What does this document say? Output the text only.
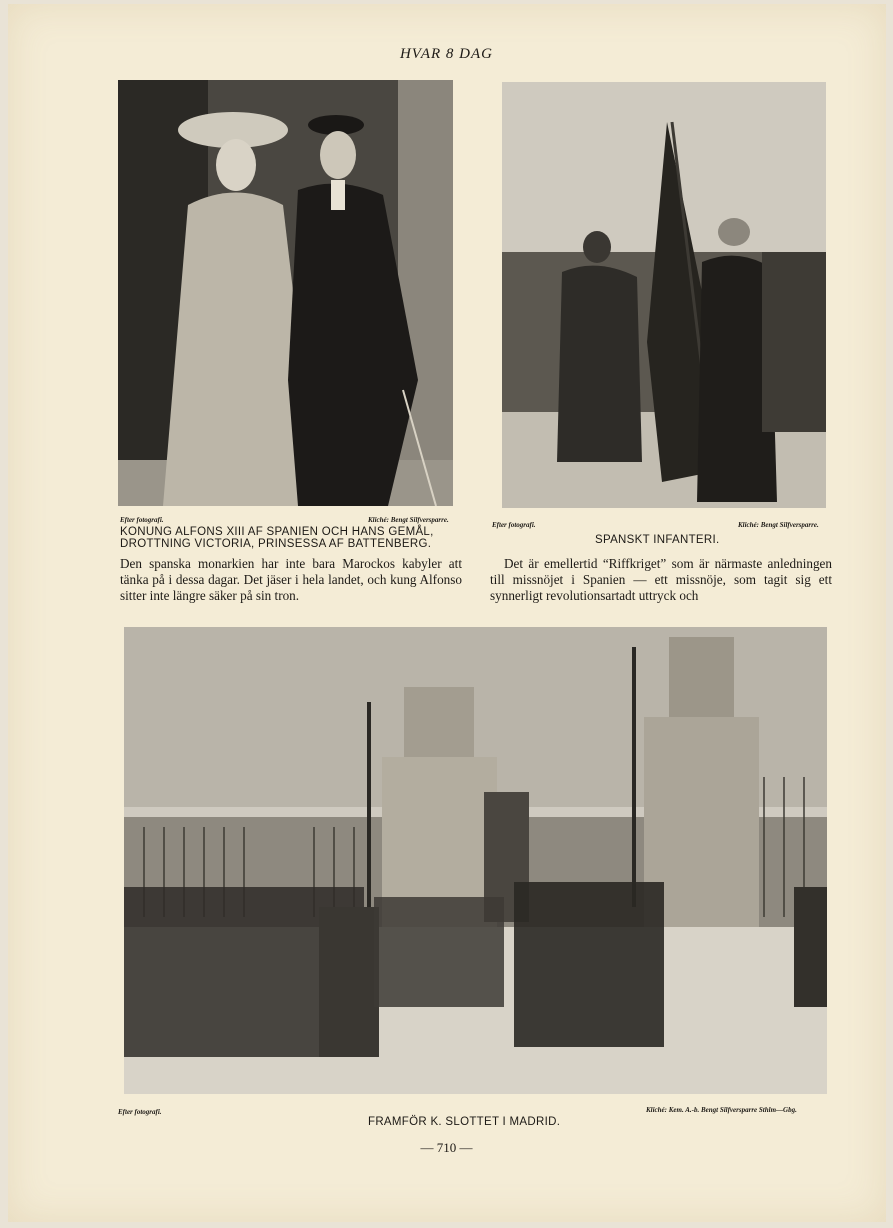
HVAR 8 DAG
Efter fotografi.	Kliché: Bengt Silfversparre.
KONUNG ALFONS XIII AF SPANIEN OCH HANS GEMÅL,
DROTTNING VICTORIA, PRINSESSA AF BATTENBERG.
Efter fotografi.	Kliché: Bengt Silfversparre.
SPANSKT INFANTERI.

Den spanska monarkien har inte bara Marockos kabyler att tänka på i dessa dagar. Det jäser i hela landet, och kung Alfonso sitter inte längre säker på sin tron.

Det är emellertid “Riffkriget” som är närmaste anledningen till missnöjet i Spanien — ett missnöje, som tagit sig ett synnerligt revolutionsartadt uttryck och

Efter fotografi.	Kliché: Kem. A.-b. Bengt Silfversparre Sthlm—Gbg.
FRAMFÖR K. SLOTTET I MADRID.
— 710 —
